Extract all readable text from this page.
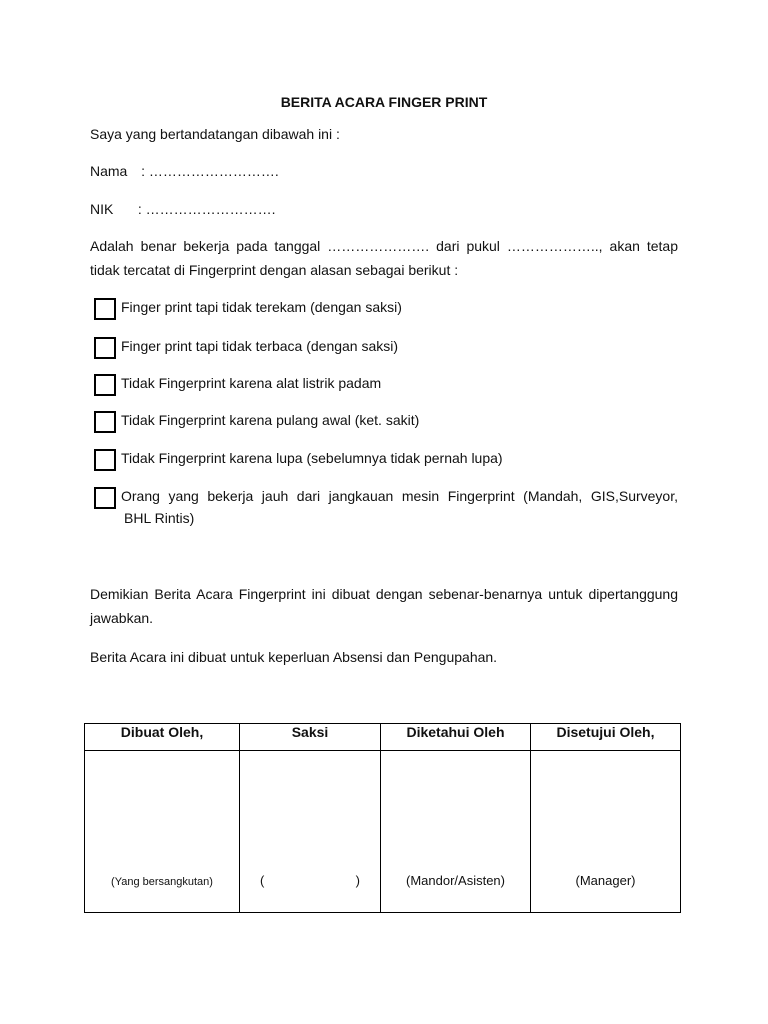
BERITA ACARA FINGER PRINT
Saya yang bertandatangan dibawah ini :
Nama : ……………………….
NIK : ……………………….
Adalah benar bekerja pada tanggal …………………. dari pukul ……………….., akan tetap tidak tercatat di Fingerprint dengan alasan sebagai berikut :
Finger print tapi tidak terekam (dengan saksi)
Finger print tapi tidak terbaca (dengan saksi)
Tidak Fingerprint karena alat listrik padam
Tidak Fingerprint karena pulang awal (ket. sakit)
Tidak Fingerprint karena lupa (sebelumnya tidak pernah lupa)
Orang yang bekerja jauh dari jangkauan mesin Fingerprint (Mandah, GIS,Surveyor,
BHL Rintis)
Demikian Berita Acara Fingerprint ini dibuat dengan sebenar-benarnya untuk dipertanggung jawabkan.
Berita Acara ini dibuat untuk keperluan Absensi dan Pengupahan.
Dibuat Oleh,	Saksi	Diketahui Oleh	Disetujui Oleh,
(Yang bersangkutan)	( )	(Mandor/Asisten)	(Manager)
